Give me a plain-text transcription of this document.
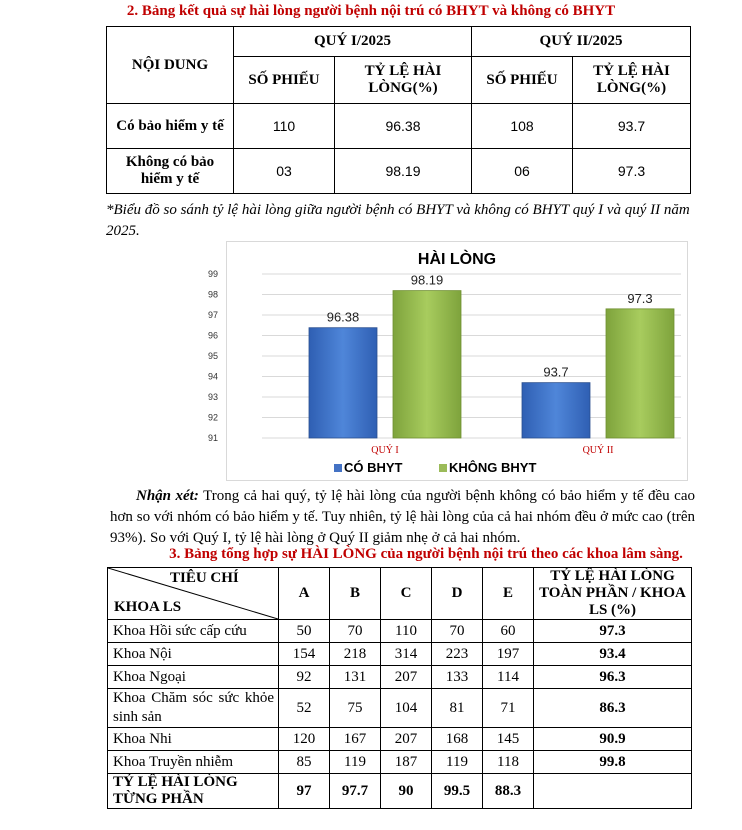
2. Bảng kết quả sự hài lòng người bệnh nội trú có BHYT và không có BHYT
NỘI DUNG	QUÝ I/2025		QUÝ II/2025	
	SỐ PHIẾU	TỶ LỆ HÀI LÒNG(%)	SỐ PHIẾU	TỶ LỆ HÀI LÒNG(%)
Có bảo hiểm y tế	110	96.38	108	93.7
Không có bảo hiểm y tế	03	98.19	06	97.3
*Biểu đồ so sánh tỷ lệ hài lòng giữa người bệnh có BHYT và không có BHYT quý I và quý II năm 2025.
HÀI LÒNG
91
92
93
94
95
96
97
98
99
96.38
98.19
QUÝ I
93.7
97.3
QUÝ II
CÓ BHYT	KHÔNG BHYT
Nhận xét: Trong cả hai quý, tỷ lệ hài lòng của người bệnh không có bảo hiểm y tế đều cao hơn so với nhóm có bảo hiểm y tế. Tuy nhiên, tỷ lệ hài lòng của cả hai nhóm đều ở mức cao (trên 93%). So với Quý I, tỷ lệ hài lòng ở Quý II giảm nhẹ ở cả hai nhóm.
3. Bảng tổng hợp sự HÀI LÒNG của người bệnh nội trú theo các khoa lâm sàng.
TIÊU CHÍ
KHOA LS	A	B	C	D	E	TỶ LỆ HÀI LÒNG TOÀN PHẦN / KHOA LS (%)
Khoa Hồi sức cấp cứu	50	70	110	70	60	97.3
Khoa Nội	154	218	314	223	197	93.4
Khoa Ngoại	92	131	207	133	114	96.3
Khoa Chăm sóc sức khỏe sinh sản	52	75	104	81	71	86.3
Khoa Nhi	120	167	207	168	145	90.9
Khoa Truyền nhiễm	85	119	187	119	118	99.8
TỶ LỆ HÀI LÒNG TỪNG PHẦN	97	97.7	90	99.5	88.3	
